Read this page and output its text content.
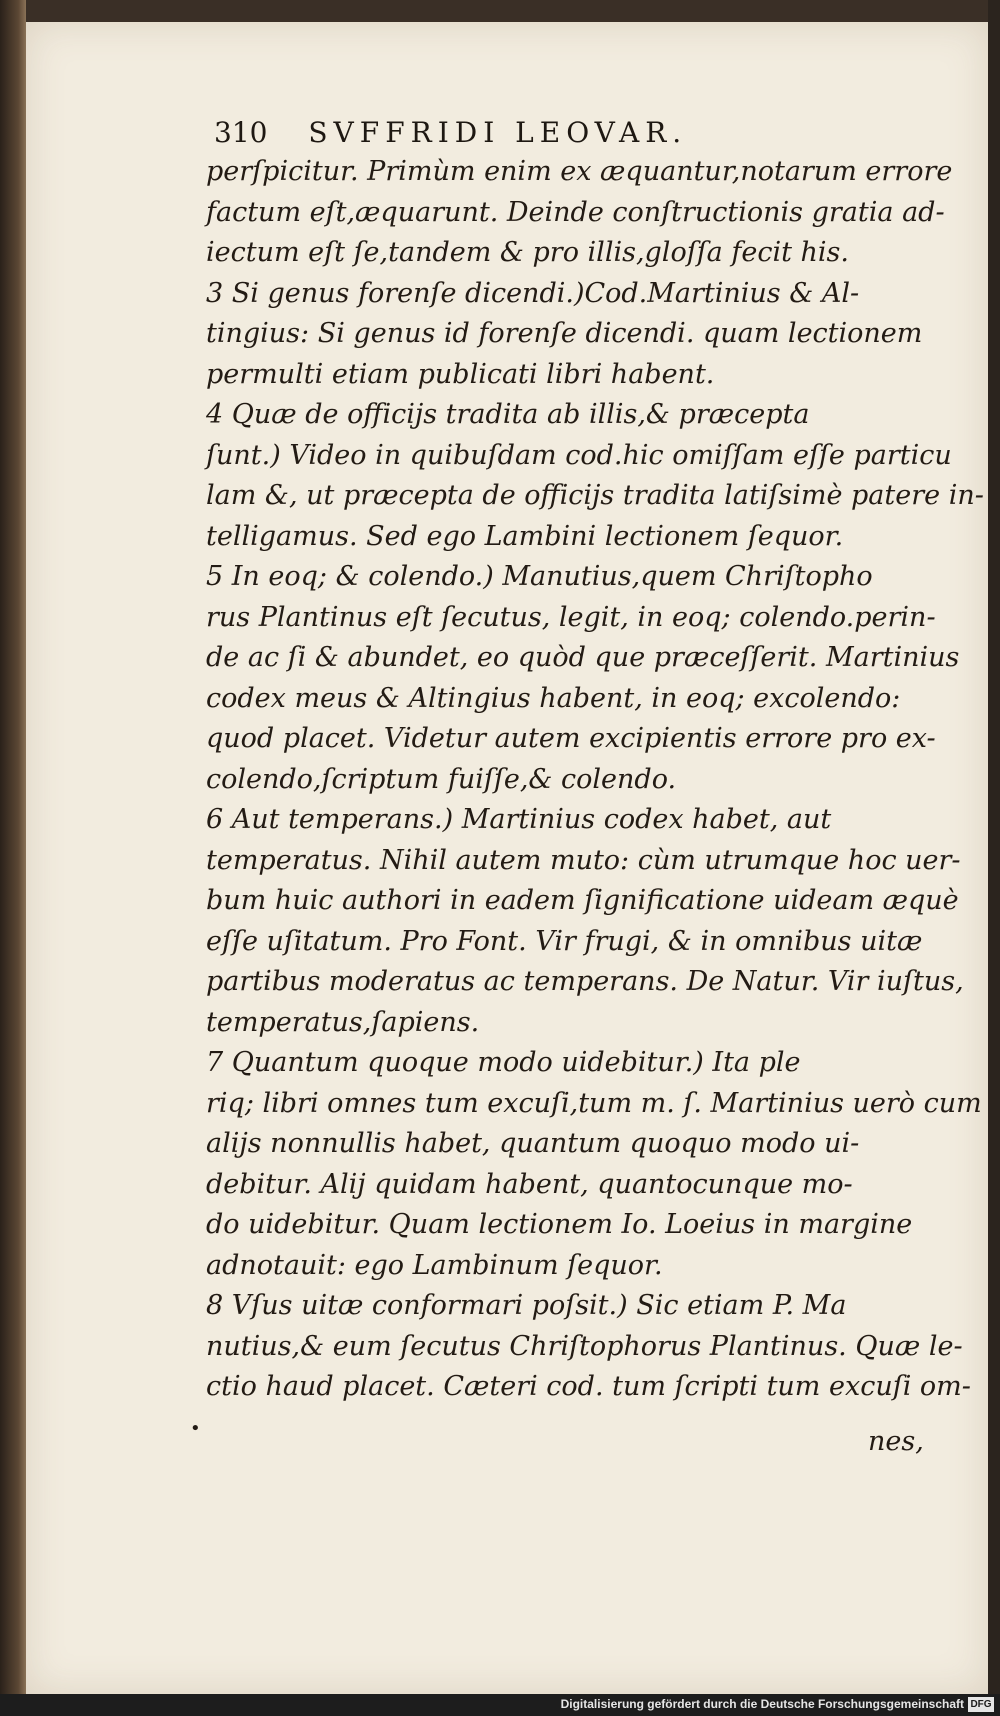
310 SVFFRIDI LEOVAR.
perſpicitur. Primùm enim ex æquantur,notarum errore
factum eſt,æquarunt. Deinde conſtructionis gratia ad-
iectum eſt ſe,tandem & pro illis,gloſſa fecit his.
3 Si genus forenſe dicendi.)Cod.Martinius & Al-
tingius: Si genus id forenſe dicendi. quam lectionem
permulti etiam publicati libri habent.
4 Quæ de officijs tradita ab illis,& præcepta
ſunt.) Video in quibuſdam cod.hic omiſſam eſſe particu
lam &, ut præcepta de officijs tradita latiſsimè patere in-
telligamus. Sed ego Lambini lectionem ſequor.
5 In eoq; & colendo.) Manutius,quem Chriſtopho
rus Plantinus eſt ſecutus, legit, in eoq; colendo.perin-
de ac ſi & abundet, eo quòd que præceſſerit. Martinius
codex meus & Altingius habent, in eoq; excolendo:
quod placet. Videtur autem excipientis errore pro ex-
colendo,ſcriptum fuiſſe,& colendo.
6 Aut temperans.) Martinius codex habet, aut
temperatus. Nihil autem muto: cùm utrumque hoc uer-
bum huic authori in eadem ſignificatione uideam æquè
eſſe uſitatum. Pro Font. Vir frugi, & in omnibus uitæ
partibus moderatus ac temperans. De Natur. Vir iuſtus,
temperatus,ſapiens.
7 Quantum quoque modo uidebitur.) Ita ple
riq; libri omnes tum excuſi,tum m. ſ. Martinius uerò cum
alijs nonnullis habet, quantum quoquo modo ui-
debitur. Alij quidam habent, quantocunque mo-
do uidebitur. Quam lectionem Io. Loeius in margine
adnotauit: ego Lambinum ſequor.
8 Vſus uitæ conformari poſsit.) Sic etiam P. Ma
nutius,& eum ſecutus Chriſtophorus Plantinus. Quæ le-
ctio haud placet. Cæteri cod. tum ſcripti tum excuſi om-
•	nes,
Digitalisierung gefördert durch die Deutsche Forschungsgemeinschaft DFG
